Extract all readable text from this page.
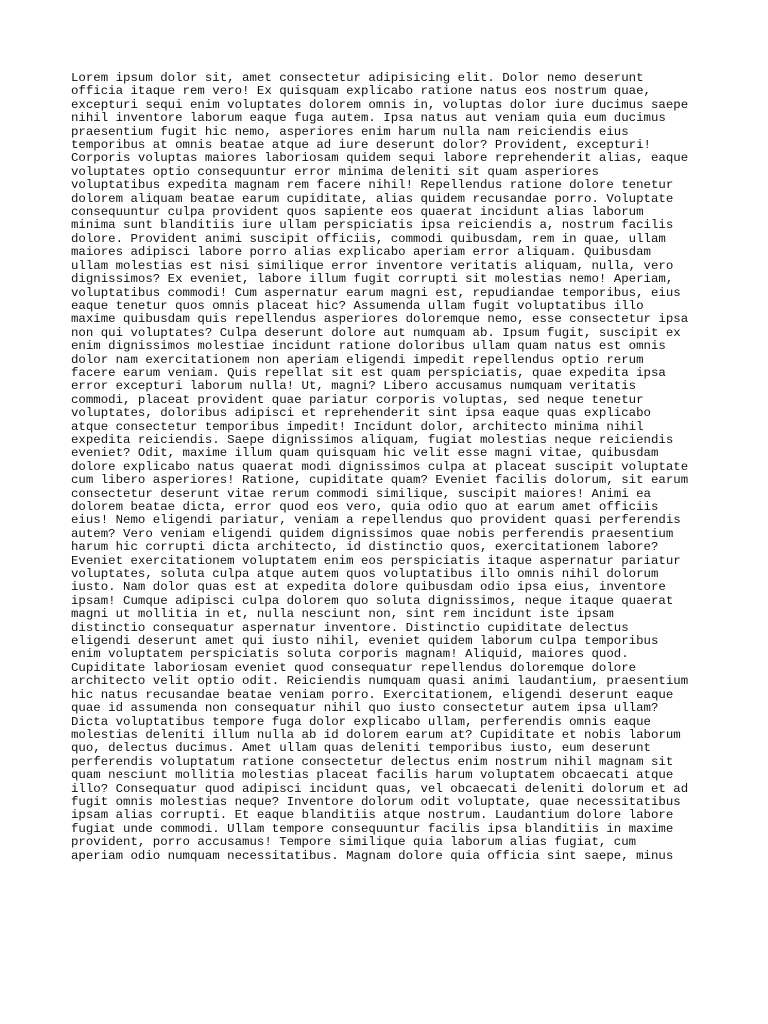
Lorem ipsum dolor sit, amet consectetur adipisicing elit. Dolor nemo deserunt
officia itaque rem vero! Ex quisquam explicabo ratione natus eos nostrum quae,
excepturi sequi enim voluptates dolorem omnis in, voluptas dolor iure ducimus saepe
nihil inventore laborum eaque fuga autem. Ipsa natus aut veniam quia eum ducimus
praesentium fugit hic nemo, asperiores enim harum nulla nam reiciendis eius
temporibus at omnis beatae atque ad iure deserunt dolor? Provident, excepturi!
Corporis voluptas maiores laboriosam quidem sequi labore reprehenderit alias, eaque
voluptates optio consequuntur error minima deleniti sit quam asperiores
voluptatibus expedita magnam rem facere nihil! Repellendus ratione dolore tenetur
dolorem aliquam beatae earum cupiditate, alias quidem recusandae porro. Voluptate
consequuntur culpa provident quos sapiente eos quaerat incidunt alias laborum
minima sunt blanditiis iure ullam perspiciatis ipsa reiciendis a, nostrum facilis
dolore. Provident animi suscipit officiis, commodi quibusdam, rem in quae, ullam
maiores adipisci labore porro alias explicabo aperiam error aliquam. Quibusdam
ullam molestias est nisi similique error inventore veritatis aliquam, nulla, vero
dignissimos? Ex eveniet, labore illum fugit corrupti sit molestias nemo! Aperiam,
voluptatibus commodi! Cum aspernatur earum magni est, repudiandae temporibus, eius
eaque tenetur quos omnis placeat hic? Assumenda ullam fugit voluptatibus illo
maxime quibusdam quis repellendus asperiores doloremque nemo, esse consectetur ipsa
non qui voluptates? Culpa deserunt dolore aut numquam ab. Ipsum fugit, suscipit ex
enim dignissimos molestiae incidunt ratione doloribus ullam quam natus est omnis
dolor nam exercitationem non aperiam eligendi impedit repellendus optio rerum
facere earum veniam. Quis repellat sit est quam perspiciatis, quae expedita ipsa
error excepturi laborum nulla! Ut, magni? Libero accusamus numquam veritatis
commodi, placeat provident quae pariatur corporis voluptas, sed neque tenetur
voluptates, doloribus adipisci et reprehenderit sint ipsa eaque quas explicabo
atque consectetur temporibus impedit! Incidunt dolor, architecto minima nihil
expedita reiciendis. Saepe dignissimos aliquam, fugiat molestias neque reiciendis
eveniet? Odit, maxime illum quam quisquam hic velit esse magni vitae, quibusdam
dolore explicabo natus quaerat modi dignissimos culpa at placeat suscipit voluptate
cum libero asperiores! Ratione, cupiditate quam? Eveniet facilis dolorum, sit earum
consectetur deserunt vitae rerum commodi similique, suscipit maiores! Animi ea
dolorem beatae dicta, error quod eos vero, quia odio quo at earum amet officiis
eius! Nemo eligendi pariatur, veniam a repellendus quo provident quasi perferendis
autem? Vero veniam eligendi quidem dignissimos quae nobis perferendis praesentium
harum hic corrupti dicta architecto, id distinctio quos, exercitationem labore?
Eveniet exercitationem voluptatem enim eos perspiciatis itaque aspernatur pariatur
voluptates, soluta culpa atque autem quos voluptatibus illo omnis nihil dolorum
iusto. Nam dolor quas est at expedita dolore quibusdam odio ipsa eius, inventore
ipsam! Cumque adipisci culpa dolorem quo soluta dignissimos, neque itaque quaerat
magni ut mollitia in et, nulla nesciunt non, sint rem incidunt iste ipsam
distinctio consequatur aspernatur inventore. Distinctio cupiditate delectus
eligendi deserunt amet qui iusto nihil, eveniet quidem laborum culpa temporibus
enim voluptatem perspiciatis soluta corporis magnam! Aliquid, maiores quod.
Cupiditate laboriosam eveniet quod consequatur repellendus doloremque dolore
architecto velit optio odit. Reiciendis numquam quasi animi laudantium, praesentium
hic natus recusandae beatae veniam porro. Exercitationem, eligendi deserunt eaque
quae id assumenda non consequatur nihil quo iusto consectetur autem ipsa ullam?
Dicta voluptatibus tempore fuga dolor explicabo ullam, perferendis omnis eaque
molestias deleniti illum nulla ab id dolorem earum at? Cupiditate et nobis laborum
quo, delectus ducimus. Amet ullam quas deleniti temporibus iusto, eum deserunt
perferendis voluptatum ratione consectetur delectus enim nostrum nihil magnam sit
quam nesciunt mollitia molestias placeat facilis harum voluptatem obcaecati atque
illo? Consequatur quod adipisci incidunt quas, vel obcaecati deleniti dolorum et ad
fugit omnis molestias neque? Inventore dolorum odit voluptate, quae necessitatibus
ipsam alias corrupti. Et eaque blanditiis atque nostrum. Laudantium dolore labore
fugiat unde commodi. Ullam tempore consequuntur facilis ipsa blanditiis in maxime
provident, porro accusamus! Tempore similique quia laborum alias fugiat, cum
aperiam odio numquam necessitatibus. Magnam dolore quia officia sint saepe, minus
